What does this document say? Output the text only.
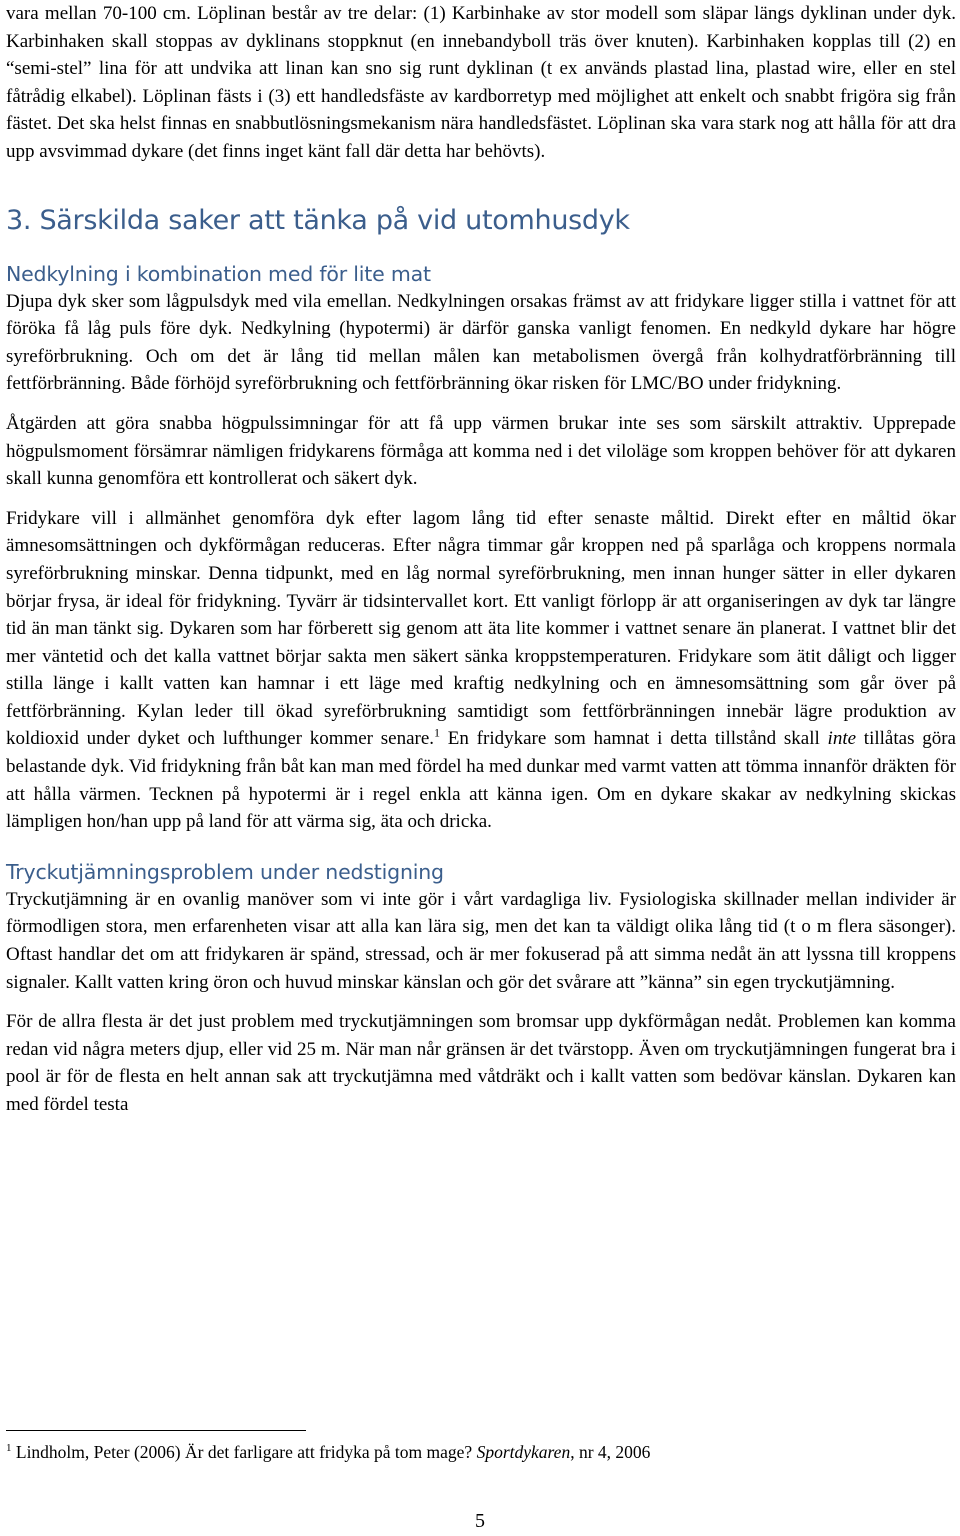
vara mellan 70-100 cm. Löplinan består av tre delar: (1) Karbinhake av stor modell som släpar längs dyklinan under dyk. Karbinhaken skall stoppas av dyklinans stoppknut (en innebandyboll träs över knuten). Karbinhaken kopplas till (2) en “semi-stel” lina för att undvika att linan kan sno sig runt dyklinan (t ex används plastad lina, plastad wire, eller en stel fåtrådig elkabel). Löplinan fästs i (3) ett handledsfäste av kardborretyp med möjlighet att enkelt och snabbt frigöra sig från fästet. Det ska helst finnas en snabbutlösningsmekanism nära handledsfästet. Löplinan ska vara stark nog att hålla för att dra upp avsvimmad dykare (det finns inget känt fall där detta har behövts).

3. Särskilda saker att tänka på vid utomhusdyk
Nedkylning i kombination med för lite mat

Djupa dyk sker som lågpulsdyk med vila emellan. Nedkylningen orsakas främst av att fridykare ligger stilla i vattnet för att föröka få låg puls före dyk. Nedkylning (hypotermi) är därför ganska vanligt fenomen. En nedkyld dykare har högre syreförbrukning. Och om det är lång tid mellan målen kan metabolismen övergå från kolhydratförbränning till fettförbränning. Både förhöjd syreförbrukning och fettförbränning ökar risken för LMC/BO under fridykning.

Åtgärden att göra snabba högpulssimningar för att få upp värmen brukar inte ses som särskilt attraktiv. Upprepade högpulsmoment försämrar nämligen fridykarens förmåga att komma ned i det viloläge som kroppen behöver för att dykaren skall kunna genomföra ett kontrollerat och säkert dyk.

Fridykare vill i allmänhet genomföra dyk efter lagom lång tid efter senaste måltid. Direkt efter en måltid ökar ämnesomsättningen och dykförmågan reduceras. Efter några timmar går kroppen ned på sparlåga och kroppens normala syreförbrukning minskar. Denna tidpunkt, med en låg normal syreförbrukning, men innan hunger sätter in eller dykaren börjar frysa, är ideal för fridykning. Tyvärr är tidsintervallet kort. Ett vanligt förlopp är att organiseringen av dyk tar längre tid än man tänkt sig. Dykaren som har förberett sig genom att äta lite kommer i vattnet senare än planerat. I vattnet blir det mer väntetid och det kalla vattnet börjar sakta men säkert sänka kroppstemperaturen. Fridykare som ätit dåligt och ligger stilla länge i kallt vatten kan hamnar i ett läge med kraftig nedkylning och en ämnesomsättning som går över på fettförbränning. Kylan leder till ökad syreförbrukning samtidigt som fettförbränningen innebär lägre produktion av koldioxid under dyket och lufthunger kommer senare.$^1$ En fridykare som hamnat i detta tillstånd skall inte tillåtas göra belastande dyk. Vid fridykning från båt kan man med fördel ha med dunkar med varmt vatten att tömma innanför dräkten för att hålla värmen. Tecknen på hypotermi är i regel enkla att känna igen. Om en dykare skakar av nedkylning skickas lämpligen hon/han upp på land för att värma sig, äta och dricka.

Tryckutjämningsproblem under nedstigning

Tryckutjämning är en ovanlig manöver som vi inte gör i vårt vardagliga liv. Fysiologiska skillnader mellan individer är förmodligen stora, men erfarenheten visar att alla kan lära sig, men det kan ta väldigt olika lång tid (t o m flera säsonger). Oftast handlar det om att fridykaren är spänd, stressad, och är mer fokuserad på att simma nedåt än att lyssna till kroppens signaler. Kallt vatten kring öron och huvud minskar känslan och gör det svårare att ”känna” sin egen tryckutjämning.

För de allra flesta är det just problem med tryckutjämningen som bromsar upp dykförmågan nedåt. Problemen kan komma redan vid några meters djup, eller vid 25 m. När man når gränsen är det tvärstopp. Även om tryckutjämningen fungerat bra i pool är för de flesta en helt annan sak att tryckutjämna med våtdräkt och i kallt vatten som bedövar känslan. Dykaren kan med fördel testa

$^1$ Lindholm, Peter (2006) Är det farligare att fridyka på tom mage? Sportdykaren, nr 4, 2006
5
